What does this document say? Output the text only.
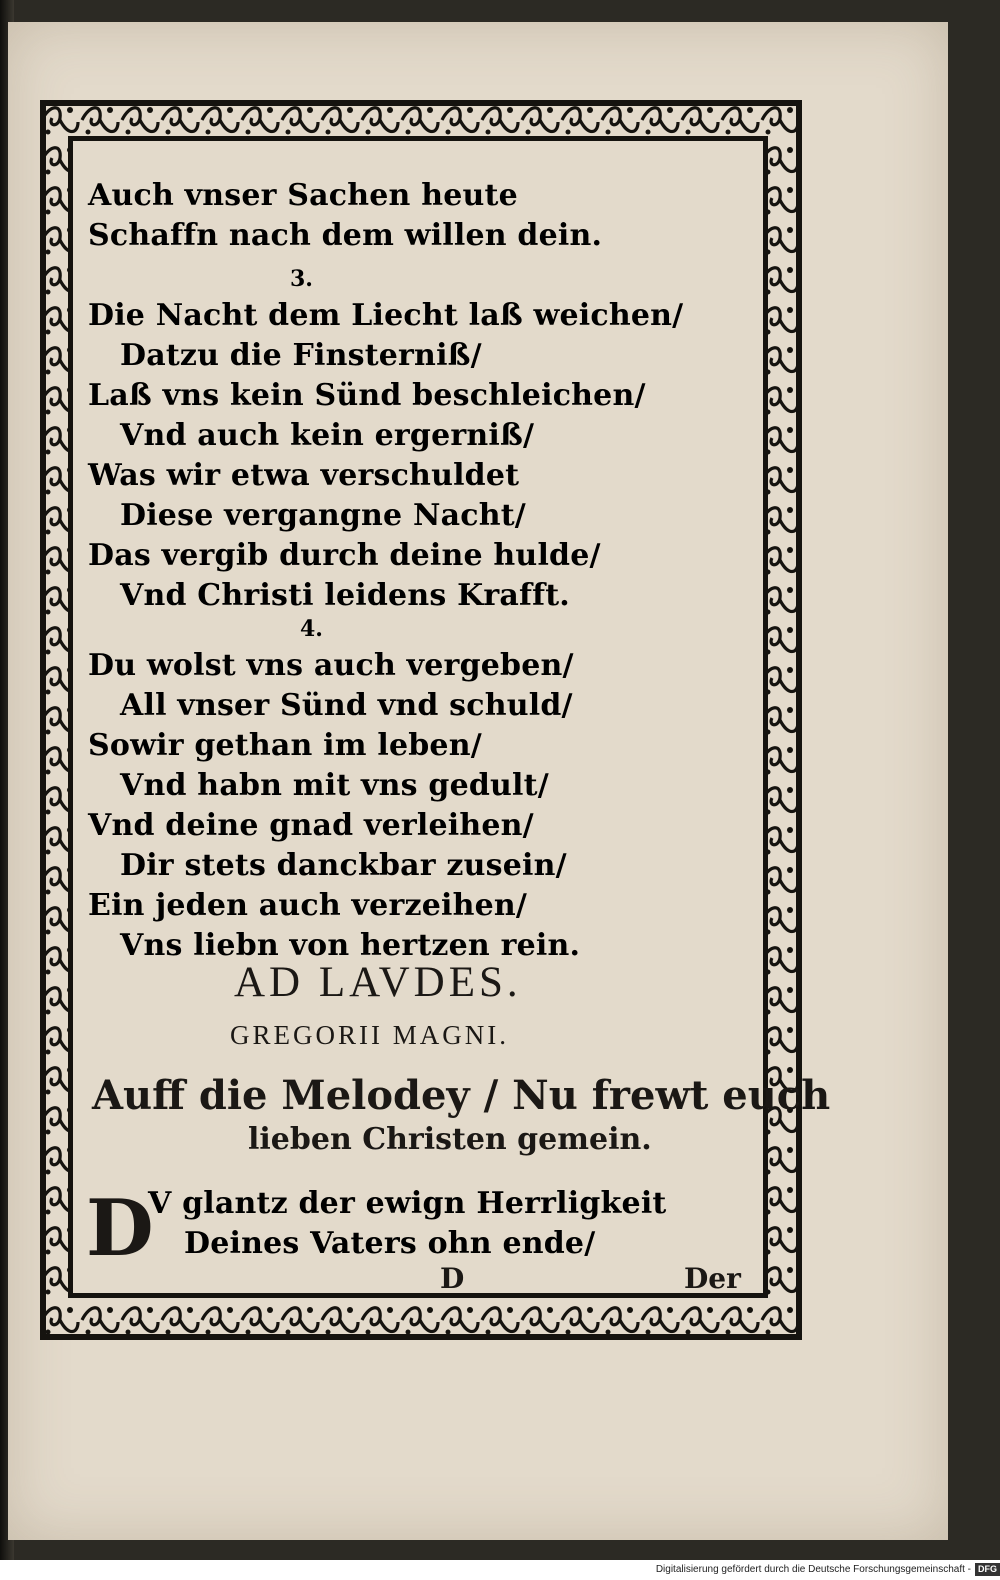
Auch vnser Sachen heute
Schaffn nach dem willen dein.
3.
Die Nacht dem Liecht laß weichen/
Datzu die Finsterniß/
Laß vns kein Sünd beschleichen/
Vnd auch kein ergerniß/
Was wir etwa verschuldet
Diese vergangne Nacht/
Das vergib durch deine hulde/
Vnd Christi leidens Krafft.
4.
Du wolst vns auch vergeben/
All vnser Sünd vnd schuld/
Sowir gethan im leben/
Vnd habn mit vns gedult/
Vnd deine gnad verleihen/
Dir stets danckbar zusein/
Ein jeden auch verzeihen/
Vns liebn von hertzen rein.
AD LAVDES.
GREGORII MAGNI.
Auff die Melodey / Nu frewt euch
lieben Christen gemein.
D
V glantz der ewign Herrligkeit
Deines Vaters ohn ende/
D	Der
Digitalisierung gefördert durch die Deutsche Forschungsgemeinschaft - DFG
